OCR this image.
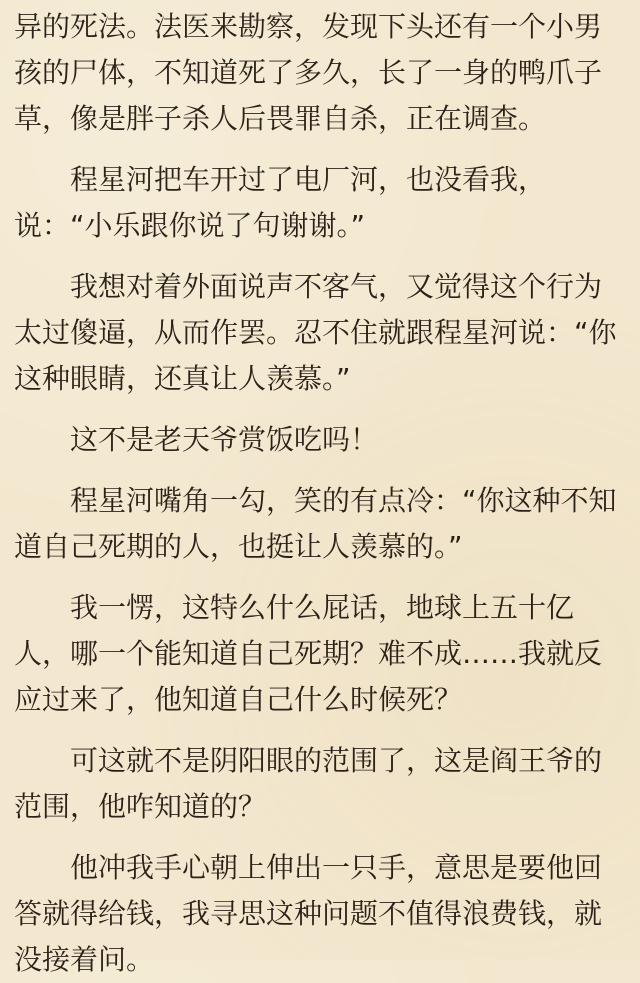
异的死法。法医来勘察，发现下头还有一个小男孩的尸体，不知道死了多久，长了一身的鸭爪子草，像是胖子杀人后畏罪自杀，正在调查。

程星河把车开过了电厂河，也没看我，说：“小乐跟你说了句谢谢。”

我想对着外面说声不客气，又觉得这个行为太过傻逼，从而作罢。忍不住就跟程星河说：“你这种眼睛，还真让人羡慕。”

这不是老天爷赏饭吃吗！

程星河嘴角一勾，笑的有点冷：“你这种不知道自己死期的人，也挺让人羡慕的。”

我一愣，这特么什么屁话，地球上五十亿人，哪一个能知道自己死期？难不成……我就反应过来了，他知道自己什么时候死？

可这就不是阴阳眼的范围了，这是阎王爷的范围，他咋知道的？

他冲我手心朝上伸出一只手，意思是要他回答就得给钱，我寻思这种问题不值得浪费钱，就没接着问。
